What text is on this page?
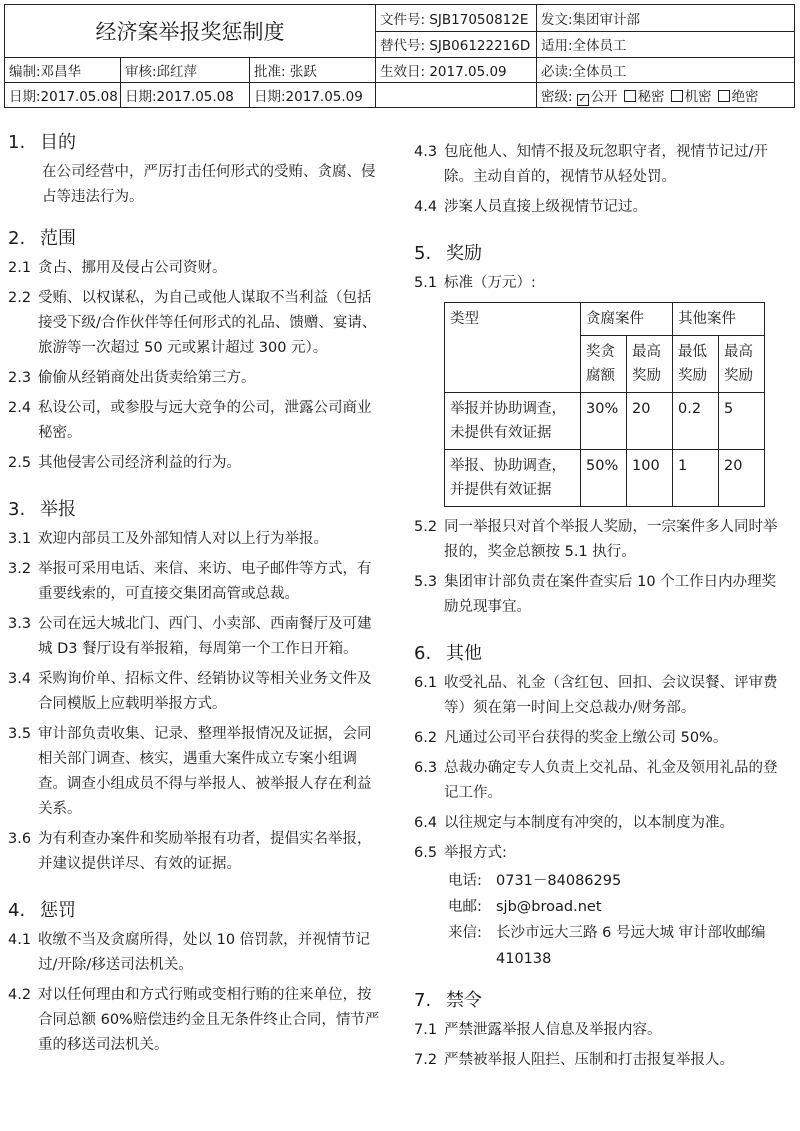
经济案举报奖惩制度			文件号: SJB17050812E	发文:集团审计部
			替代号: SJB06122216D	适用:全体员工
编制:邓昌华	审核:邱红萍	批准: 张跃	生效日: 2017.05.09	必读:全体员工
日期:2017.05.08	日期:2017.05.08	日期:2017.05.09		密级: ✓ 公开 秘密 机密 绝密
1. 目的
在公司经营中，严厉打击任何形式的受贿、贪腐、侵占等违法行为。
2. 范围
2.1 贪占、挪用及侵占公司资财。
2.2 受贿、以权谋私，为自己或他人谋取不当利益（包括接受下级/合作伙伴等任何形式的礼品、馈赠、宴请、旅游等一次超过 50 元或累计超过 300 元）。
2.3 偷偷从经销商处出货卖给第三方。
2.4 私设公司，或参股与远大竞争的公司，泄露公司商业秘密。
2.5 其他侵害公司经济利益的行为。
3. 举报
3.1 欢迎内部员工及外部知情人对以上行为举报。
3.2 举报可采用电话、来信、来访、电子邮件等方式，有重要线索的，可直接交集团高管或总裁。
3.3 公司在远大城北门、西门、小卖部、西南餐厅及可建城 D3 餐厅设有举报箱，每周第一个工作日开箱。
3.4 采购询价单、招标文件、经销协议等相关业务文件及合同模版上应载明举报方式。
3.5 审计部负责收集、记录、整理举报情况及证据，会同相关部门调查、核实，遇重大案件成立专案小组调查。调查小组成员不得与举报人、被举报人存在利益关系。
3.6 为有利查办案件和奖励举报有功者，提倡实名举报，并建议提供详尽、有效的证据。
4. 惩罚
4.1 收缴不当及贪腐所得，处以 10 倍罚款，并视情节记过/开除/移送司法机关。
4.2 对以任何理由和方式行贿或变相行贿的往来单位，按合同总额 60%赔偿违约金且无条件终止合同，情节严重的移送司法机关。
4.3 包庇他人、知情不报及玩忽职守者，视情节记过/开除。主动自首的，视情节从轻处罚。
4.4 涉案人员直接上级视情节记过。
5. 奖励
5.1 标准（万元）:
类型	贪腐案件		其他案件	
	奖贪腐额	最高奖励	最低奖励	最高奖励
举报并协助调查，未提供有效证据	30%	20	0.2	5
举报、协助调查，并提供有效证据	50%	100	1	20
5.2 同一举报只对首个举报人奖励，一宗案件多人同时举报的，奖金总额按 5.1 执行。
5.3 集团审计部负责在案件查实后 10 个工作日内办理奖励兑现事宜。
6. 其他
6.1 收受礼品、礼金（含红包、回扣、会议误餐、评审费等）须在第一时间上交总裁办/财务部。
6.2 凡通过公司平台获得的奖金上缴公司 50%。
6.3 总裁办确定专人负责上交礼品、礼金及领用礼品的登记工作。
6.4 以往规定与本制度有冲突的，以本制度为准。
6.5 举报方式:
电话: 0731－84086295
电邮: sjb@broad.net
来信: 长沙市远大三路 6 号远大城 审计部收邮编 410138
7. 禁令
7.1 严禁泄露举报人信息及举报内容。
7.2 严禁被举报人阻拦、压制和打击报复举报人。
